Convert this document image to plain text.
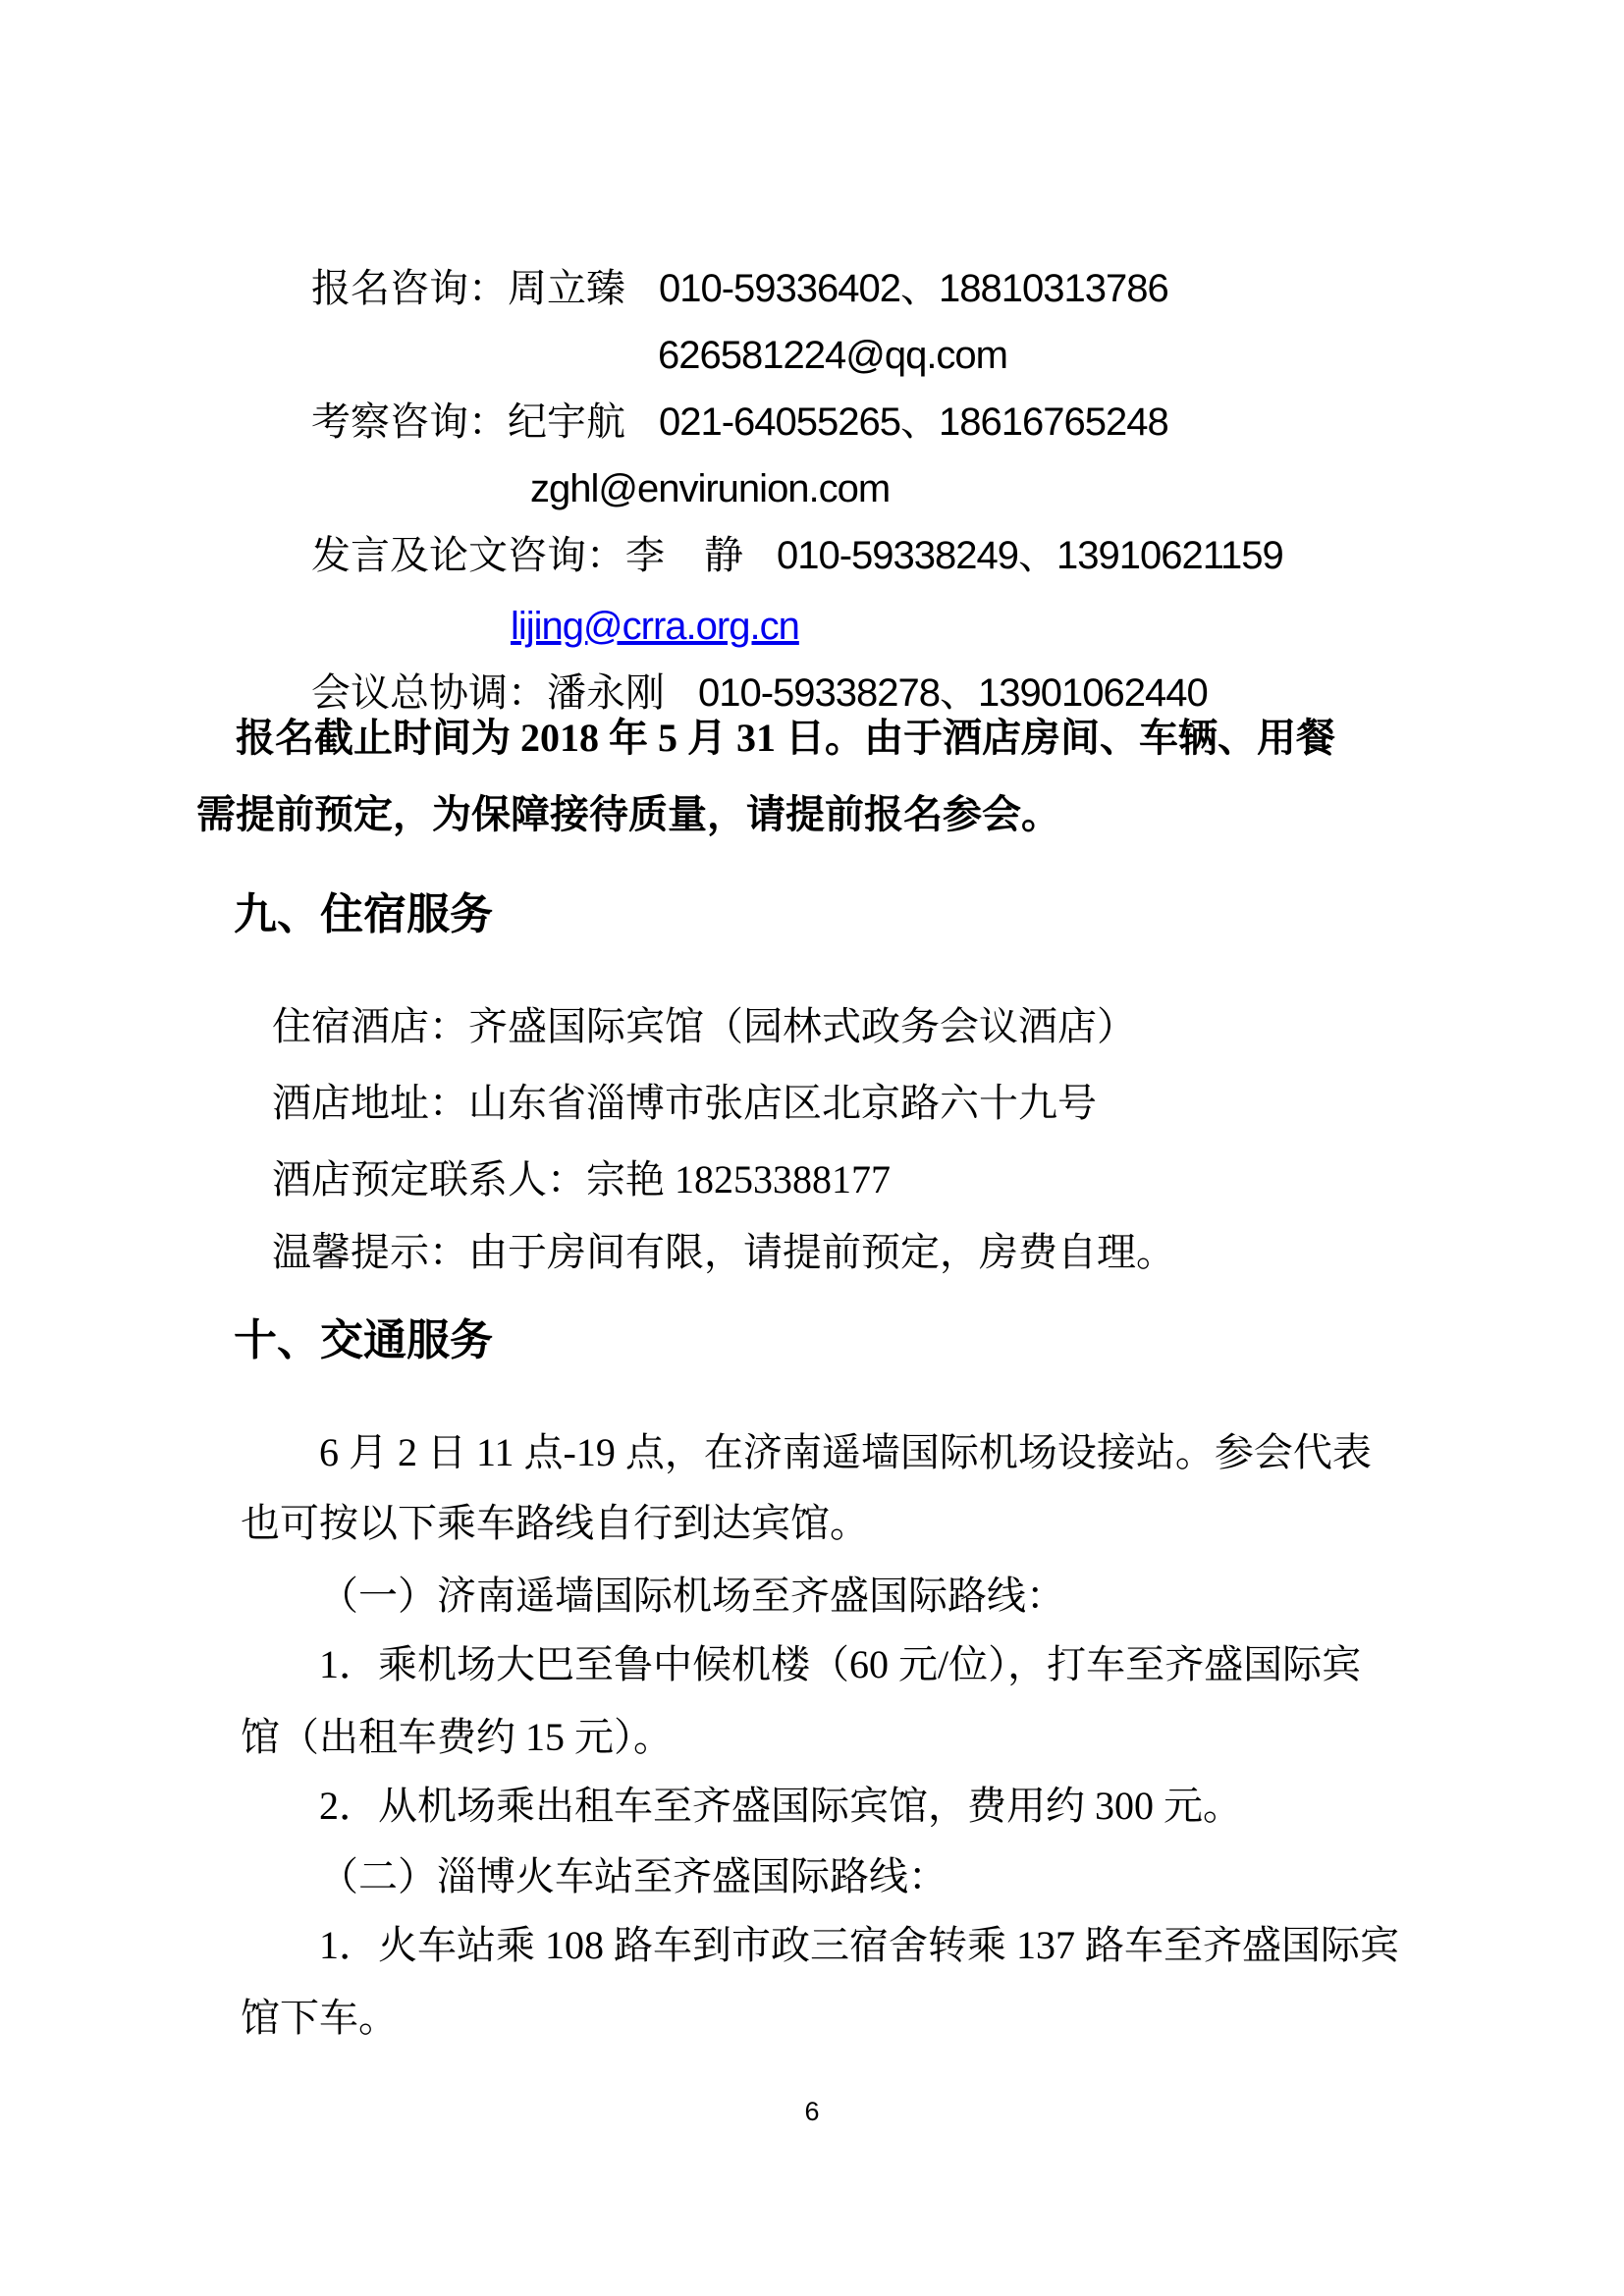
报名咨询：周立臻 010-59336402、18810313786

626581224@qq.com

考察咨询：纪宇航 021-64055265、18616765248

zghl@envirunion.com

发言及论文咨询：李　静 010-59338249、13910621159

lijing@crra.org.cn

会议总协调：潘永刚 010-59338278、13901062440

报名截止时间为 2018 年 5 月 31 日。由于酒店房间、车辆、用餐
需提前预定，为保障接待质量，请提前报名参会。
九、住宿服务
住宿酒店：齐盛国际宾馆（园林式政务会议酒店）
酒店地址：山东省淄博市张店区北京路六十九号
酒店预定联系人：宗艳 18253388177
温馨提示：由于房间有限，请提前预定，房费自理。
十、交通服务
6 月 2 日 11 点-19 点，在济南遥墙国际机场设接站。参会代表
也可按以下乘车路线自行到达宾馆。
（一）济南遥墙国际机场至齐盛国际路线：
1．乘机场大巴至鲁中候机楼（60 元/位），打车至齐盛国际宾
馆（出租车费约 15 元）。
2．从机场乘出租车至齐盛国际宾馆，费用约 300 元。
（二）淄博火车站至齐盛国际路线：
1．火车站乘 108 路车到市政三宿舍转乘 137 路车至齐盛国际宾
馆下车。
6
